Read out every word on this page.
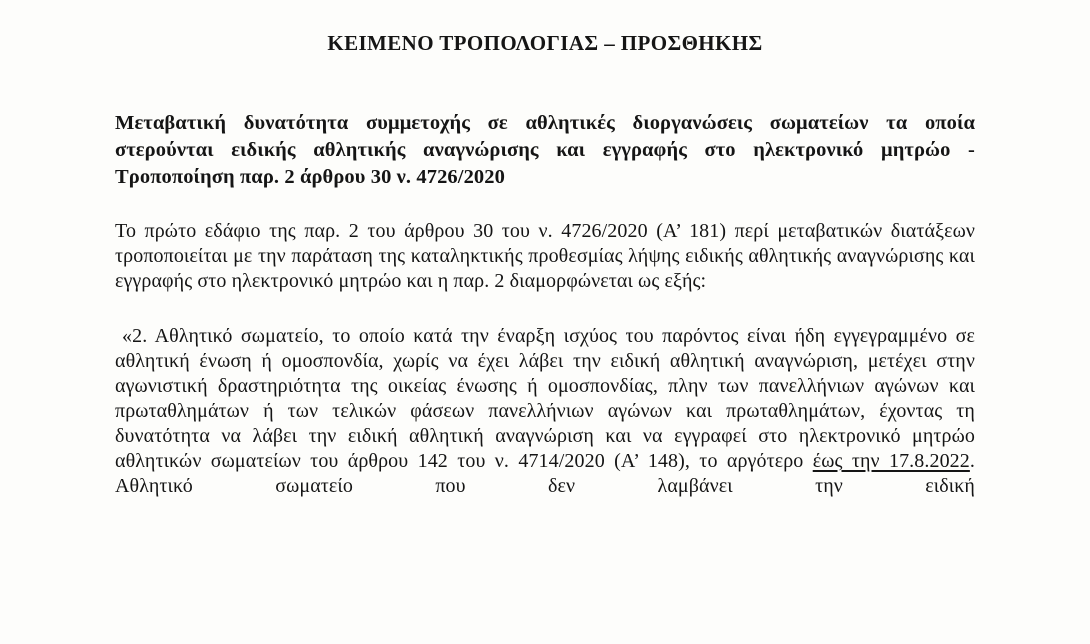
ΚΕΙΜΕΝΟ ΤΡΟΠΟΛΟΓΙΑΣ – ΠΡΟΣΘΗΚΗΣ

Μεταβατική δυνατότητα συμμετοχής σε αθλητικές διοργανώσεις σωματείων τα οποία στερούνται ειδικής αθλητικής αναγνώρισης και εγγραφής στο ηλεκτρονικό μητρώο - Τροποποίηση παρ. 2 άρθρου 30 ν. 4726/2020

Το πρώτο εδάφιο της παρ. 2 του άρθρου 30 του ν. 4726/2020 (Α’ 181) περί μεταβατικών διατάξεων τροποποιείται με την παράταση της καταληκτικής προθεσμίας λήψης ειδικής αθλητικής αναγνώρισης και εγγραφής στο ηλεκτρονικό μητρώο και η παρ. 2 διαμορφώνεται ως εξής:

«2. Αθλητικό σωματείο, το οποίο κατά την έναρξη ισχύος του παρόντος είναι ήδη εγγεγραμμένο σε αθλητική ένωση ή ομοσπονδία, χωρίς να έχει λάβει την ειδική αθλητική αναγνώριση, μετέχει στην αγωνιστική δραστηριότητα της οικείας ένωσης ή ομοσπονδίας, πλην των πανελλήνιων αγώνων και πρωταθλημάτων ή των τελικών φάσεων πανελλήνιων αγώνων και πρωταθλημάτων, έχοντας τη δυνατότητα να λάβει την ειδική αθλητική αναγνώριση και να εγγραφεί στο ηλεκτρονικό μητρώο αθλητικών σωματείων του άρθρου 142 του ν. 4714/2020 (Α’ 148), το αργότερο έως την 17.8.2022. Αθλητικό σωματείο που δεν λαμβάνει την ειδική
